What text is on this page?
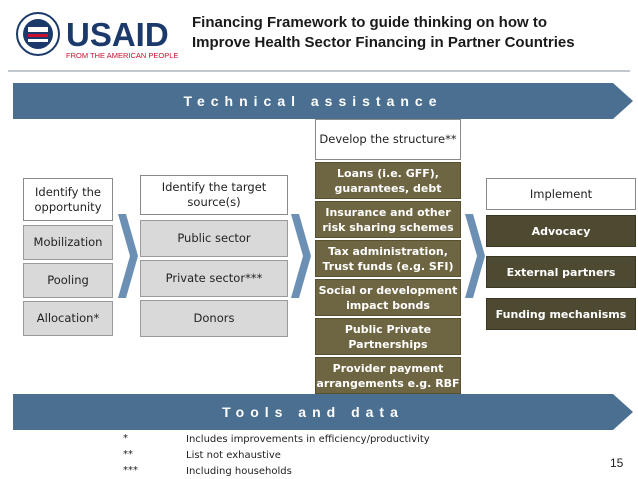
USAID
FROM THE AMERICAN PEOPLE
Financing Framework to guide thinking on how to
Improve Health Sector Financing in Partner Countries
Technical assistance
Tools and data
Identify the opportunity
Mobilization
Pooling
Allocation*
Identify the target source(s)
Public sector
Private sector***
Donors
Develop the structure**
Loans (i.e. GFF), guarantees, debt
Insurance and other risk sharing schemes
Tax administration, Trust funds (e.g. SFI)
Social or development impact bonds
Public Private Partnerships
Provider payment arrangements e.g. RBF
Implement
Advocacy
External partners
Funding mechanisms
*	Includes improvements in efficiency/productivity
**	List not exhaustive
***	Including households
15
